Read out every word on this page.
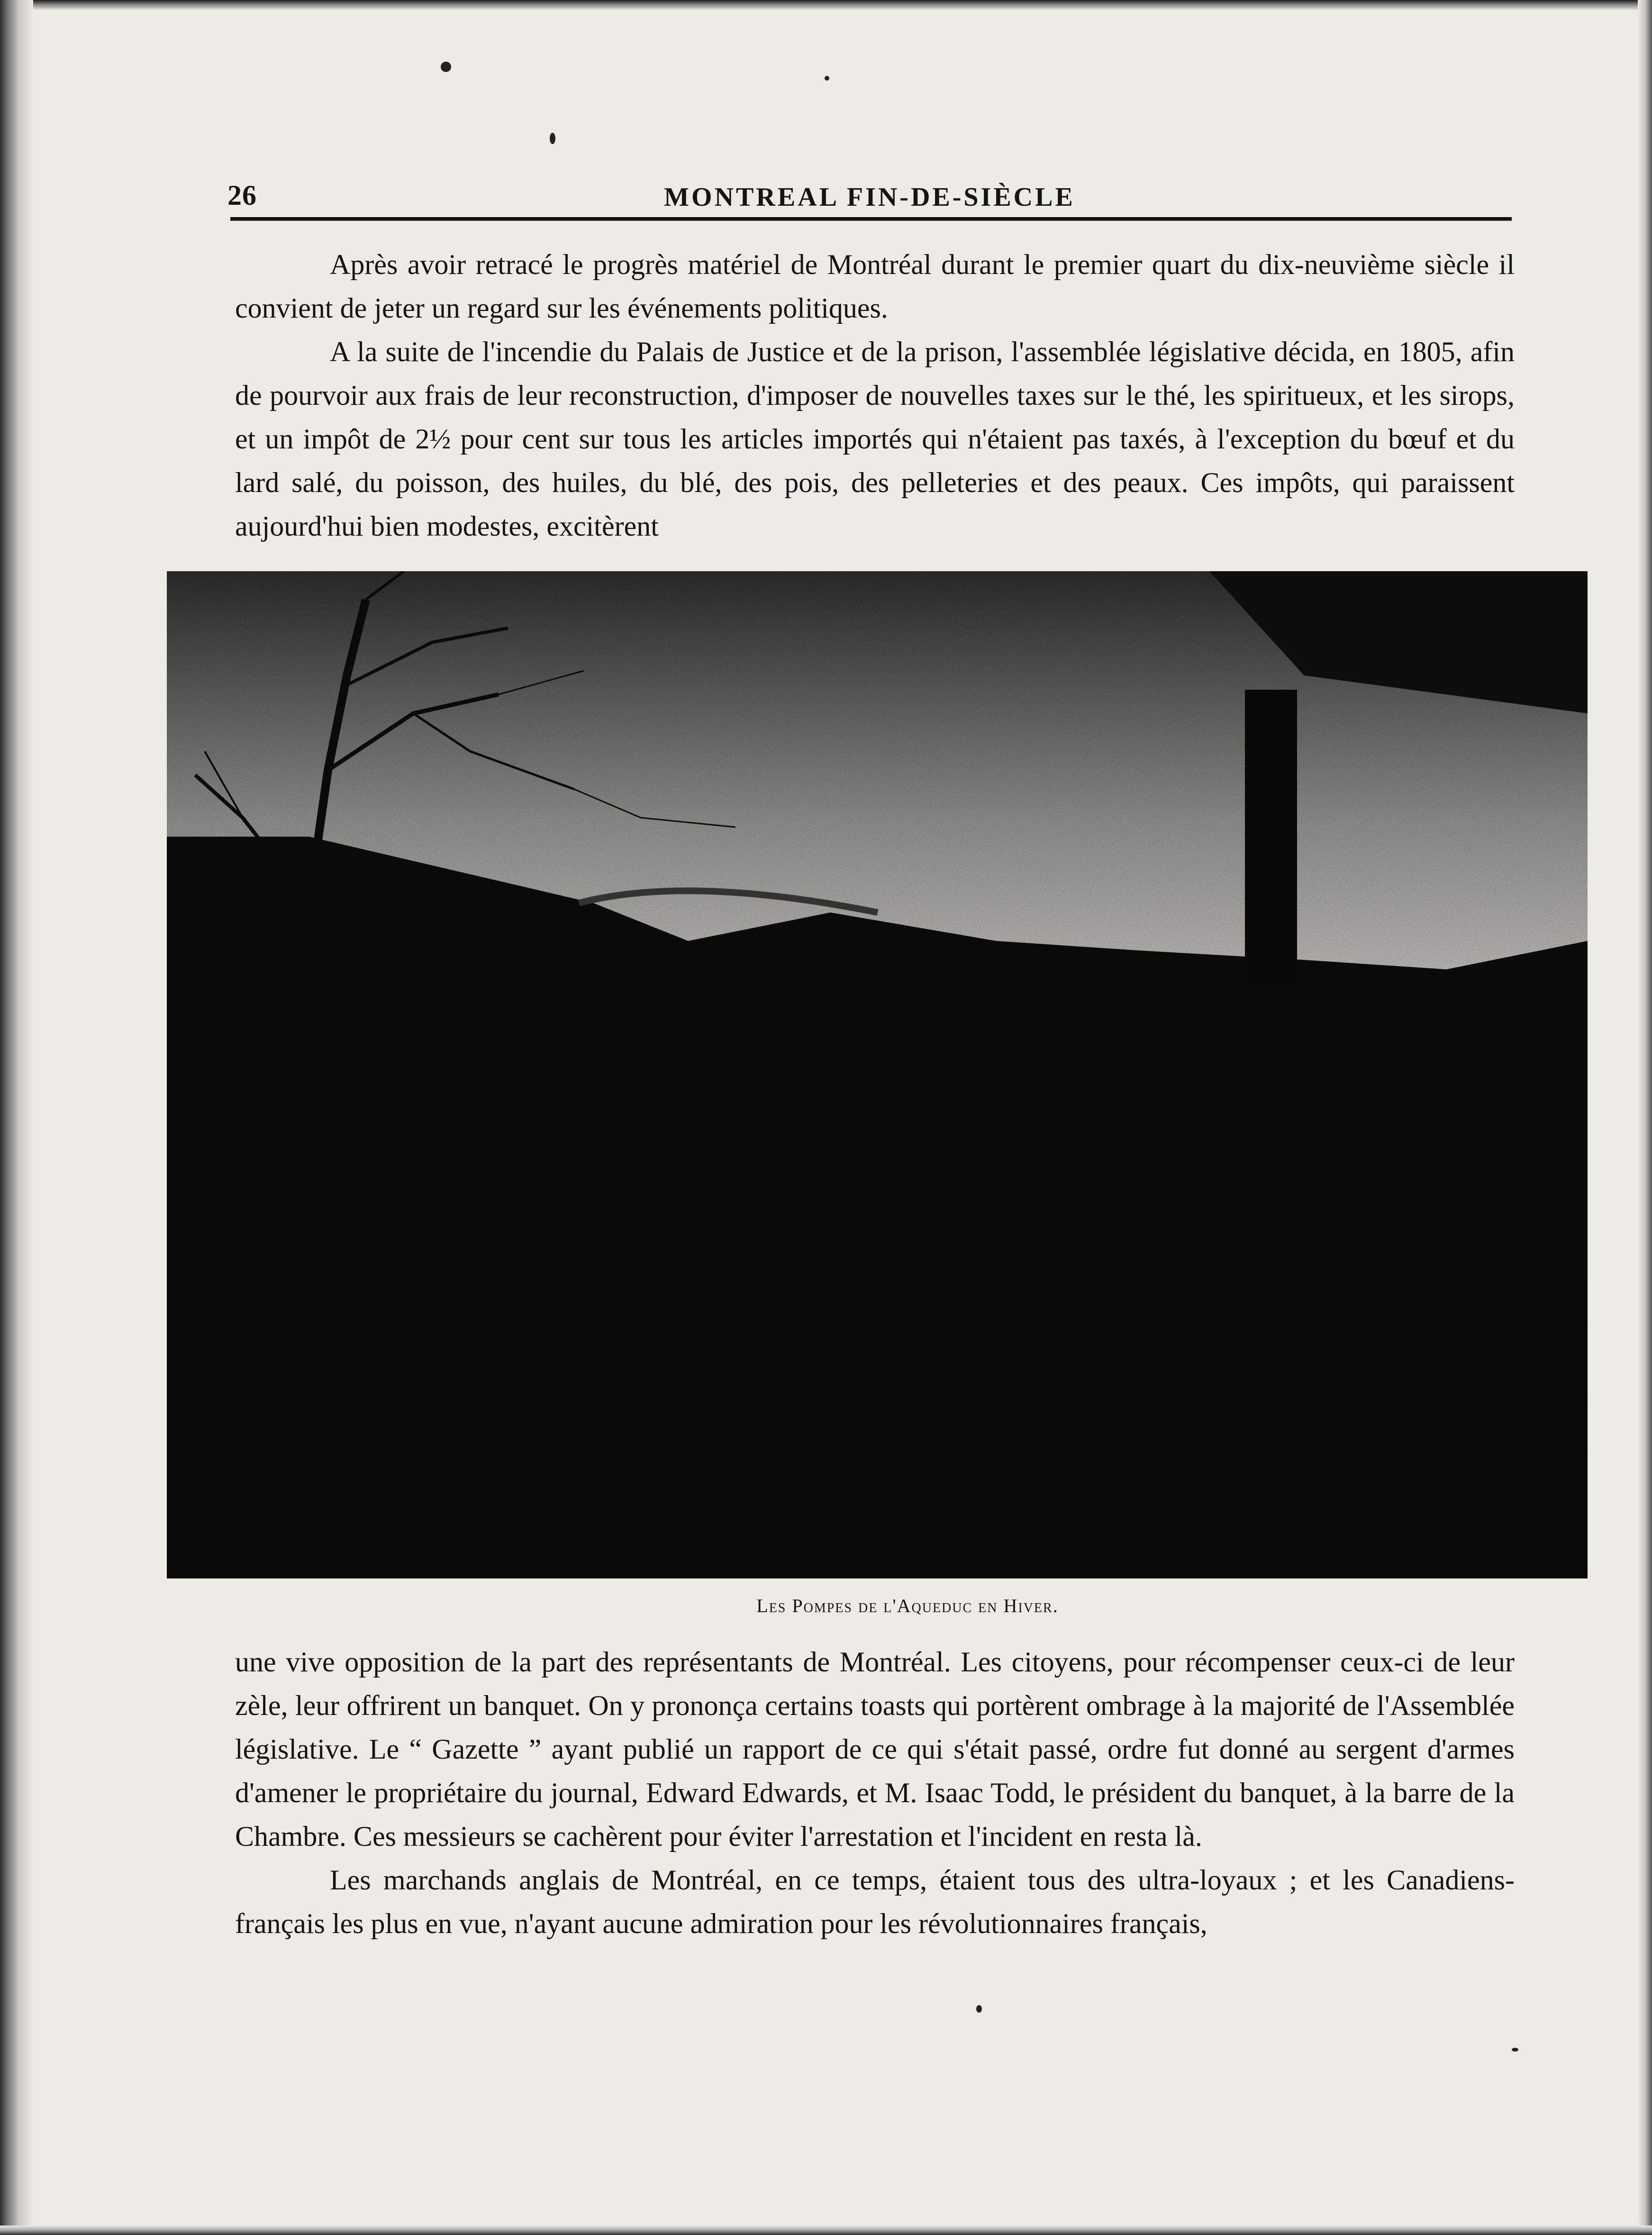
26	MONTREAL FIN-DE-SIÈCLE

Après avoir retracé le progrès matériel de Montréal durant le premier quart du dix-neuvième siècle il convient de jeter un regard sur les événements politiques.

A la suite de l'incendie du Palais de Justice et de la prison, l'assemblée législative décida, en 1805, afin de pourvoir aux frais de leur reconstruction, d'imposer de nouvelles taxes sur le thé, les spiritueux, et les sirops, et un impôt de 2½ pour cent sur tous les articles importés qui n'étaient pas taxés, à l'exception du bœuf et du lard salé, du poisson, des huiles, du blé, des pois, des pelleteries et des peaux. Ces impôts, qui paraissent aujourd'hui bien modestes, excitèrent

Les Pompes de l'Aqueduc en Hiver.

une vive opposition de la part des représentants de Montréal. Les citoyens, pour récompenser ceux-ci de leur zèle, leur offrirent un banquet. On y prononça certains toasts qui portèrent ombrage à la majorité de l'Assemblée législative. Le “ Gazette ” ayant publié un rapport de ce qui s'était passé, ordre fut donné au sergent d'armes d'amener le propriétaire du journal, Edward Edwards, et M. Isaac Todd, le président du banquet, à la barre de la Chambre. Ces messieurs se cachèrent pour éviter l'arrestation et l'incident en resta là.

Les marchands anglais de Montréal, en ce temps, étaient tous des ultra-loyaux ; et les Canadiens-français les plus en vue, n'ayant aucune admiration pour les révolutionnaires français,
